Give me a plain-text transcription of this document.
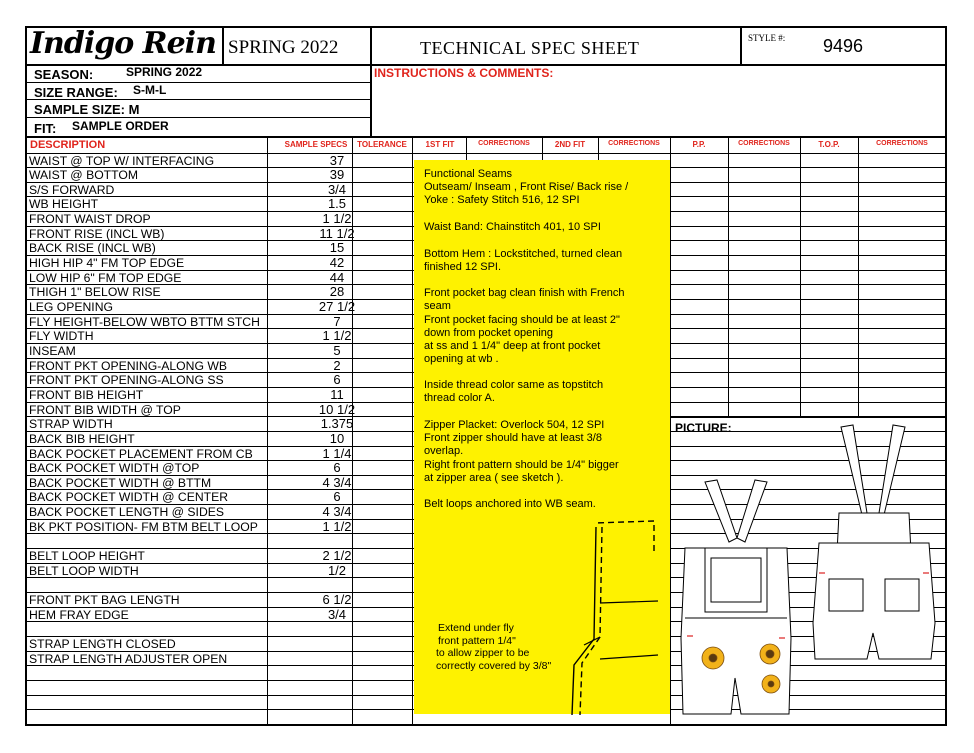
Indigo Rein SPRING 2022	TECHNICAL SPEC SHEET	STYLE #: 9496
SEASON:	SPRING 2022
SIZE RANGE: S-M-L
SAMPLE SIZE: M
FIT: SAMPLE ORDER
INSTRUCTIONS & COMMENTS:
DESCRIPTION	SAMPLE SPECS	TOLERANCE	1ST FIT	CORRECTIONS	2ND FIT	CORRECTIONS	P.P.	CORRECTIONS	T.O.P.	CORRECTIONS
WAIST @ TOP W/ INTERFACING	37
WAIST @ BOTTOM	39
S/S FORWARD	3/4
WB HEIGHT	1.5
FRONT WAIST DROP	1 1/2
FRONT RISE (INCL WB)	11 1/2
BACK RISE (INCL WB)	15
HIGH HIP 4" FM TOP EDGE	42
LOW HIP 6" FM TOP EDGE	44
THIGH 1" BELOW RISE	28
LEG OPENING	27 1/2
FLY HEIGHT-BELOW WBTO BTTM STCH	7
FLY WIDTH	1 1/2
INSEAM	5
FRONT PKT OPENING-ALONG WB	2
FRONT PKT OPENING-ALONG SS	6
FRONT BIB HEIGHT	11
FRONT BIB WIDTH @ TOP	10 1/2
STRAP WIDTH	1.375
BACK BIB HEIGHT	10
BACK POCKET PLACEMENT FROM CB	1 1/4
BACK POCKET WIDTH @TOP	6
BACK POCKET WIDTH @ BTTM	4 3/4
BACK POCKET WIDTH @ CENTER	6
BACK POCKET LENGTH @ SIDES	4 3/4
BK PKT POSITION- FM BTM BELT LOOP	1 1/2
BELT LOOP HEIGHT	2 1/2
BELT LOOP WIDTH	1/2
FRONT PKT BAG LENGTH	6 1/2
HEM FRAY EDGE	3/4
STRAP LENGTH CLOSED
STRAP LENGTH ADJUSTER OPEN
Functional Seams
Outseam/ Inseam , Front Rise/ Back rise /
Yoke : Safety Stitch 516, 12 SPI
Waist Band: Chainstitch 401, 10 SPI
Bottom Hem : Lockstitched, turned clean
finished 12 SPI.
Front pocket bag clean finish with French
seam
Front pocket facing should be at least 2"
down from pocket opening
at ss and 1 1/4" deep at front pocket
opening at wb .
Inside thread color same as topstitch
thread color A.
Zipper Placket: Overlock 504, 12 SPI
Front zipper should have at least 3/8
overlap.
Right front pattern should be 1/4" bigger
at zipper area ( see sketch ).
Belt loops anchored into WB seam.
Extend under fly
front pattern 1/4"
to allow zipper to be
correctly covered by 3/8"
PICTURE:
